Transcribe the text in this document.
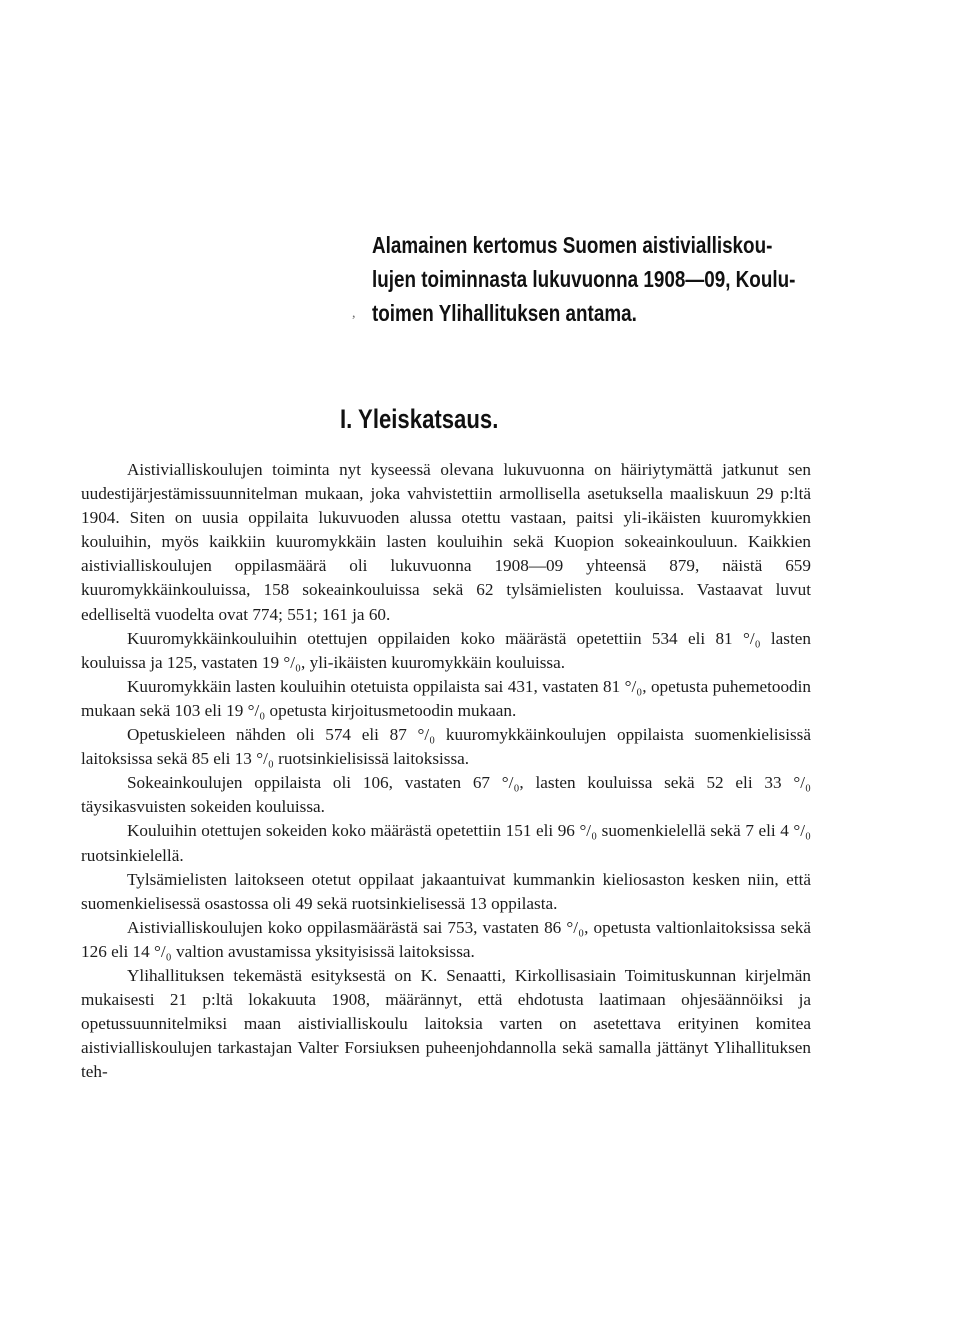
Alamainen kertomus Suomen aistivialliskou-
lujen toiminnasta lukuvuonna 1908—09, Koulu-
toimen Ylihallituksen antama.
,
I. Yleiskatsaus.

Aistivialliskoulujen toiminta nyt kyseessä olevana lukuvuonna on häiriytymättä jatkunut sen uudestijärjestämissuunnitelman mukaan, joka vahvistettiin armollisella asetuksella maaliskuun 29 p:ltä 1904. Siten on uusia oppilaita lukuvuoden alussa otettu vastaan, paitsi yli-ikäisten kuuromykkien kouluihin, myös kaikkiin kuuromykkäin lasten kouluihin sekä Kuopion sokeainkouluun. Kaikkien aistivialliskoulujen oppilasmäärä oli lukuvuonna 1908—09 yhteensä 879, näistä 659 kuuromykkäinkouluissa, 158 sokeainkouluissa sekä 62 tylsämielisten kouluissa. Vastaavat luvut edelliseltä vuodelta ovat 774; 551; 161 ja 60.

Kuuromykkäinkouluihin otettujen oppilaiden koko määrästä opetettiin 534 eli 81 °/₀ lasten kouluissa ja 125, vastaten 19 °/₀, yli-ikäisten kuuromykkäin kouluissa.

Kuuromykkäin lasten kouluihin otetuista oppilaista sai 431, vastaten 81 °/₀, opetusta puhemetoodin mukaan sekä 103 eli 19 °/₀ opetusta kirjoitusmetoodin mukaan.

Opetuskieleen nähden oli 574 eli 87 °/₀ kuuromykkäinkoulujen oppilaista suomenkielisissä laitoksissa sekä 85 eli 13 °/₀ ruotsinkielisissä laitoksissa.

Sokeainkoulujen oppilaista oli 106, vastaten 67 °/₀, lasten kouluissa sekä 52 eli 33 °/₀ täysikasvuisten sokeiden kouluissa.

Kouluihin otettujen sokeiden koko määrästä opetettiin 151 eli 96 °/₀ suomenkielellä sekä 7 eli 4 °/₀ ruotsinkielellä.

Tylsämielisten laitokseen otetut oppilaat jakaantuivat kummankin kieliosaston kesken niin, että suomenkielisessä osastossa oli 49 sekä ruotsinkielisessä 13 oppilasta.

Aistivialliskoulujen koko oppilasmäärästä sai 753, vastaten 86 °/₀, opetusta valtionlaitoksissa sekä 126 eli 14 °/₀ valtion avustamissa yksityisissä laitoksissa.

Ylihallituksen tekemästä esityksestä on K. Senaatti, Kirkollisasiain Toimituskunnan kirjelmän mukaisesti 21 p:ltä lokakuuta 1908, määrännyt, että ehdotusta laatimaan ohjesäännöiksi ja opetussuunnitelmiksi maan aistivialliskoulu laitoksia varten on asetettava erityinen komitea aistivialliskoulujen tarkastajan Valter Forsiuksen puheenjohdannolla sekä samalla jättänyt Ylihallituksen teh-
